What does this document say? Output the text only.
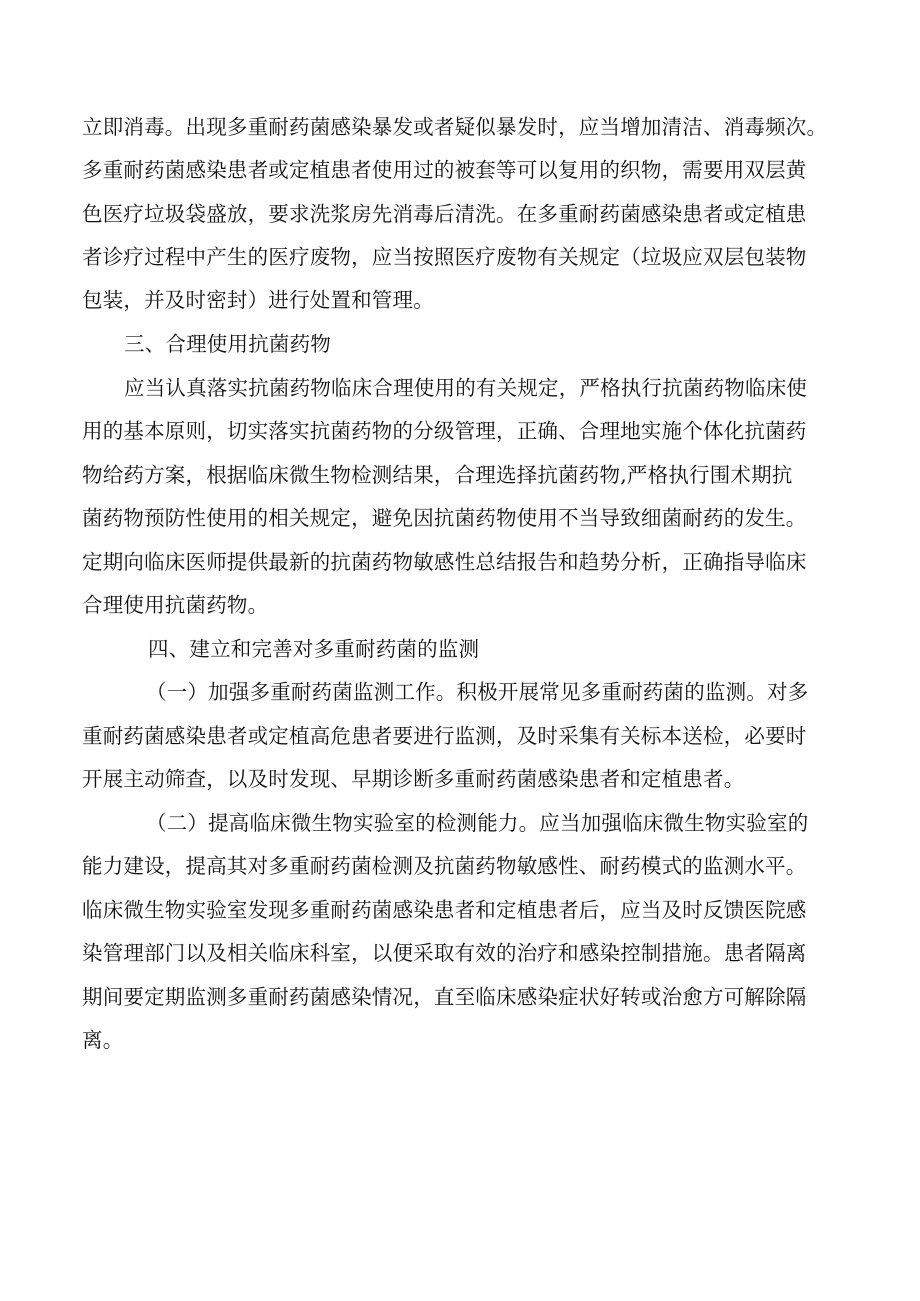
立即消毒。出现多重耐药菌感染暴发或者疑似暴发时，应当增加清洁、消毒频次。
多重耐药菌感染患者或定植患者使用过的被套等可以复用的织物，需要用双层黄
色医疗垃圾袋盛放，要求洗浆房先消毒后清洗。在多重耐药菌感染患者或定植患
者诊疗过程中产生的医疗废物，应当按照医疗废物有关规定（垃圾应双层包装物
包装，并及时密封）进行处置和管理。
三、合理使用抗菌药物
应当认真落实抗菌药物临床合理使用的有关规定，严格执行抗菌药物临床使
用的基本原则，切实落实抗菌药物的分级管理，正确、合理地实施个体化抗菌药
物给药方案，根据临床微生物检测结果，合理选择抗菌药物,严格执行围术期抗
菌药物预防性使用的相关规定，避免因抗菌药物使用不当导致细菌耐药的发生。
定期向临床医师提供最新的抗菌药物敏感性总结报告和趋势分析，正确指导临床
合理使用抗菌药物。
四、建立和完善对多重耐药菌的监测
（一）加强多重耐药菌监测工作。积极开展常见多重耐药菌的监测。对多
重耐药菌感染患者或定植高危患者要进行监测，及时采集有关标本送检，必要时
开展主动筛查，以及时发现、早期诊断多重耐药菌感染患者和定植患者。
（二）提高临床微生物实验室的检测能力。应当加强临床微生物实验室的
能力建设，提高其对多重耐药菌检测及抗菌药物敏感性、耐药模式的监测水平。
临床微生物实验室发现多重耐药菌感染患者和定植患者后，应当及时反馈医院感
染管理部门以及相关临床科室，以便采取有效的治疗和感染控制措施。患者隔离
期间要定期监测多重耐药菌感染情况，直至临床感染症状好转或治愈方可解除隔
离。
